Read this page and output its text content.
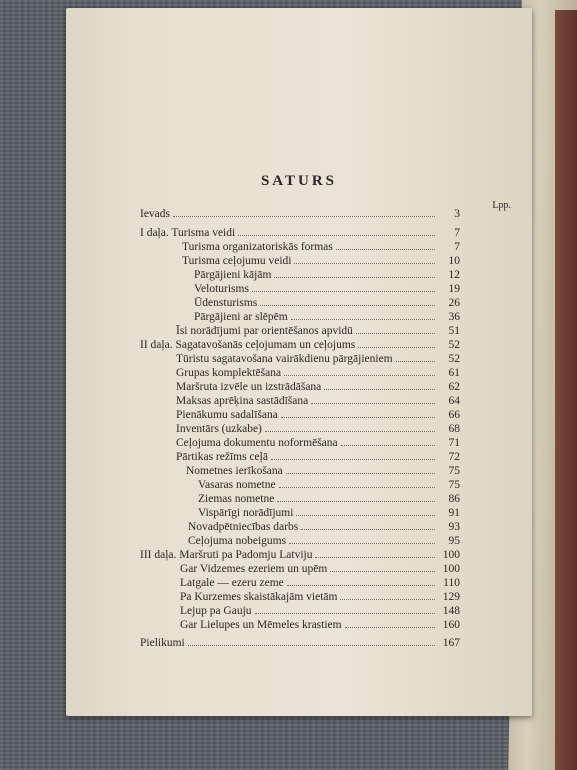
SATURS
Lpp.
Ievads	3
I daļa. Turisma veidi	7
Turisma organizatoriskās formas	7
Turisma ceļojumu veidi	10
Pārgājieni kājām	12
Veloturisms	19
Ūdensturisms	26
Pārgājieni ar slēpēm	36
Īsi norādījumi par orientēšanos apvidū	51
II daļa. Sagatavošanās ceļojumam un ceļojums	52
Tūristu sagatavošana vairākdienu pārgājieniem	52
Grupas komplektēšana	61
Maršruta izvēle un izstrādāšana	62
Maksas aprēķina sastādīšana	64
Pienākumu sadalīšana	66
Inventārs (uzkabe)	68
Ceļojuma dokumentu noformēšana	71
Pārtikas režīms ceļā	72
Nometnes ierīkošana	75
Vasaras nometne	75
Ziemas nometne	86
Vispārīgi norādījumi	91
Novadpētniecības darbs	93
Ceļojuma nobeigums	95
III daļa. Maršruti pa Padomju Latviju	100
Gar Vidzemes ezeriem un upēm	100
Latgale — ezeru zeme	110
Pa Kurzemes skaistākajām vietām	129
Lejup pa Gauju	148
Gar Lielupes un Mēmeles krastiem	160
Pielikumi	167
